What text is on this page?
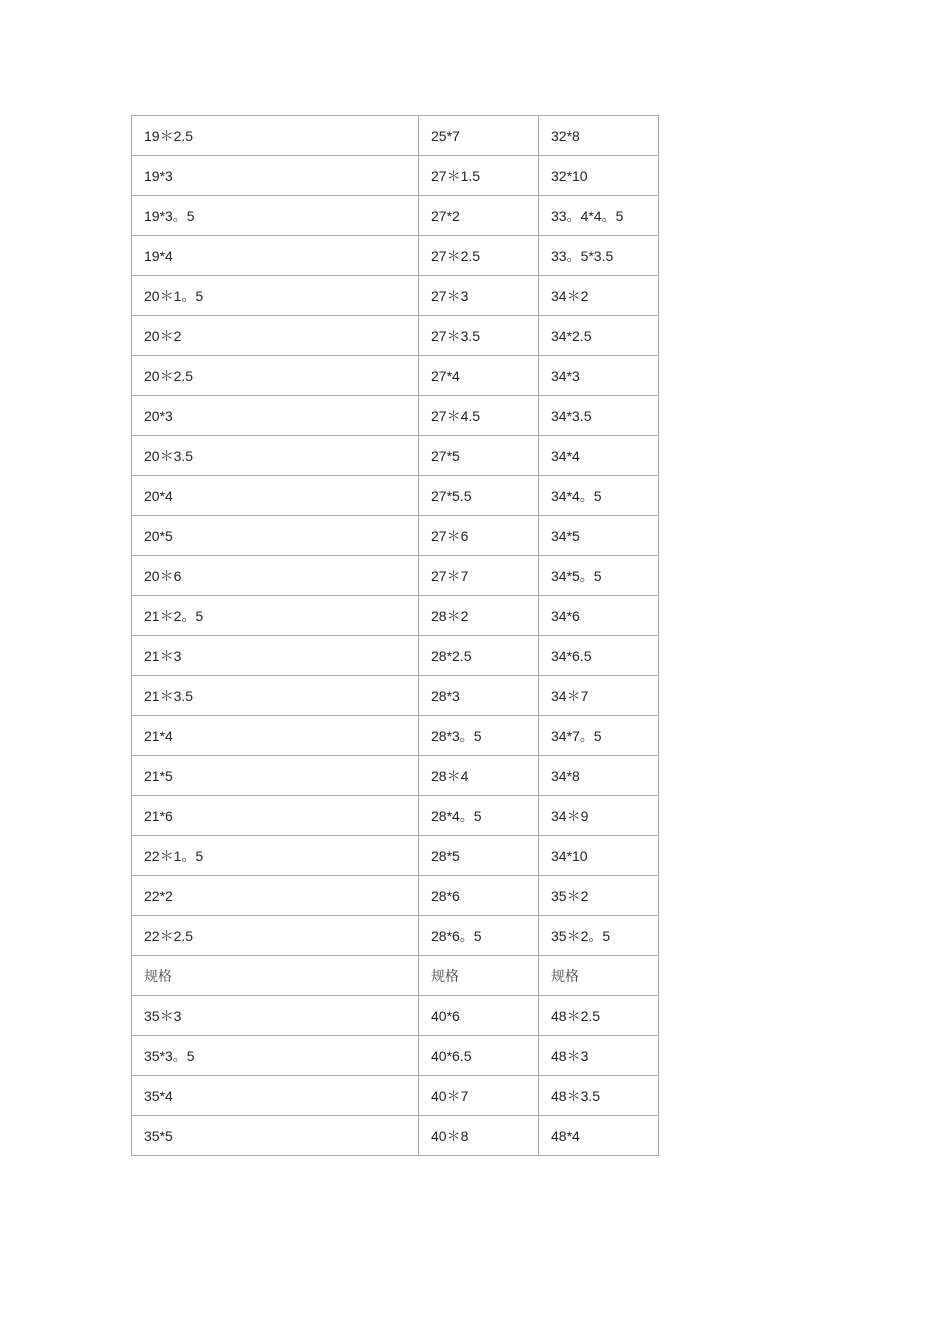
19＊2.5	25*7	32*8
19*3	27＊1.5	32*10
19*3。5	27*2	33。4*4。5
19*4	27＊2.5	33。5*3.5
20＊1。5	27＊3	34＊2
20＊2	27＊3.5	34*2.5
20＊2.5	27*4	34*3
20*3	27＊4.5	34*3.5
20＊3.5	27*5	34*4
20*4	27*5.5	34*4。5
20*5	27＊6	34*5
20＊6	27＊7	34*5。5
21＊2。5	28＊2	34*6
21＊3	28*2.5	34*6.5
21＊3.5	28*3	34＊7
21*4	28*3。5	34*7。5
21*5	28＊4	34*8
21*6	28*4。5	34＊9
22＊1。5	28*5	34*10
22*2	28*6	35＊2
22＊2.5	28*6。5	35＊2。5
规格	规格	规格
35＊3	40*6	48＊2.5
35*3。5	40*6.5	48＊3
35*4	40＊7	48＊3.5
35*5	40＊8	48*4
